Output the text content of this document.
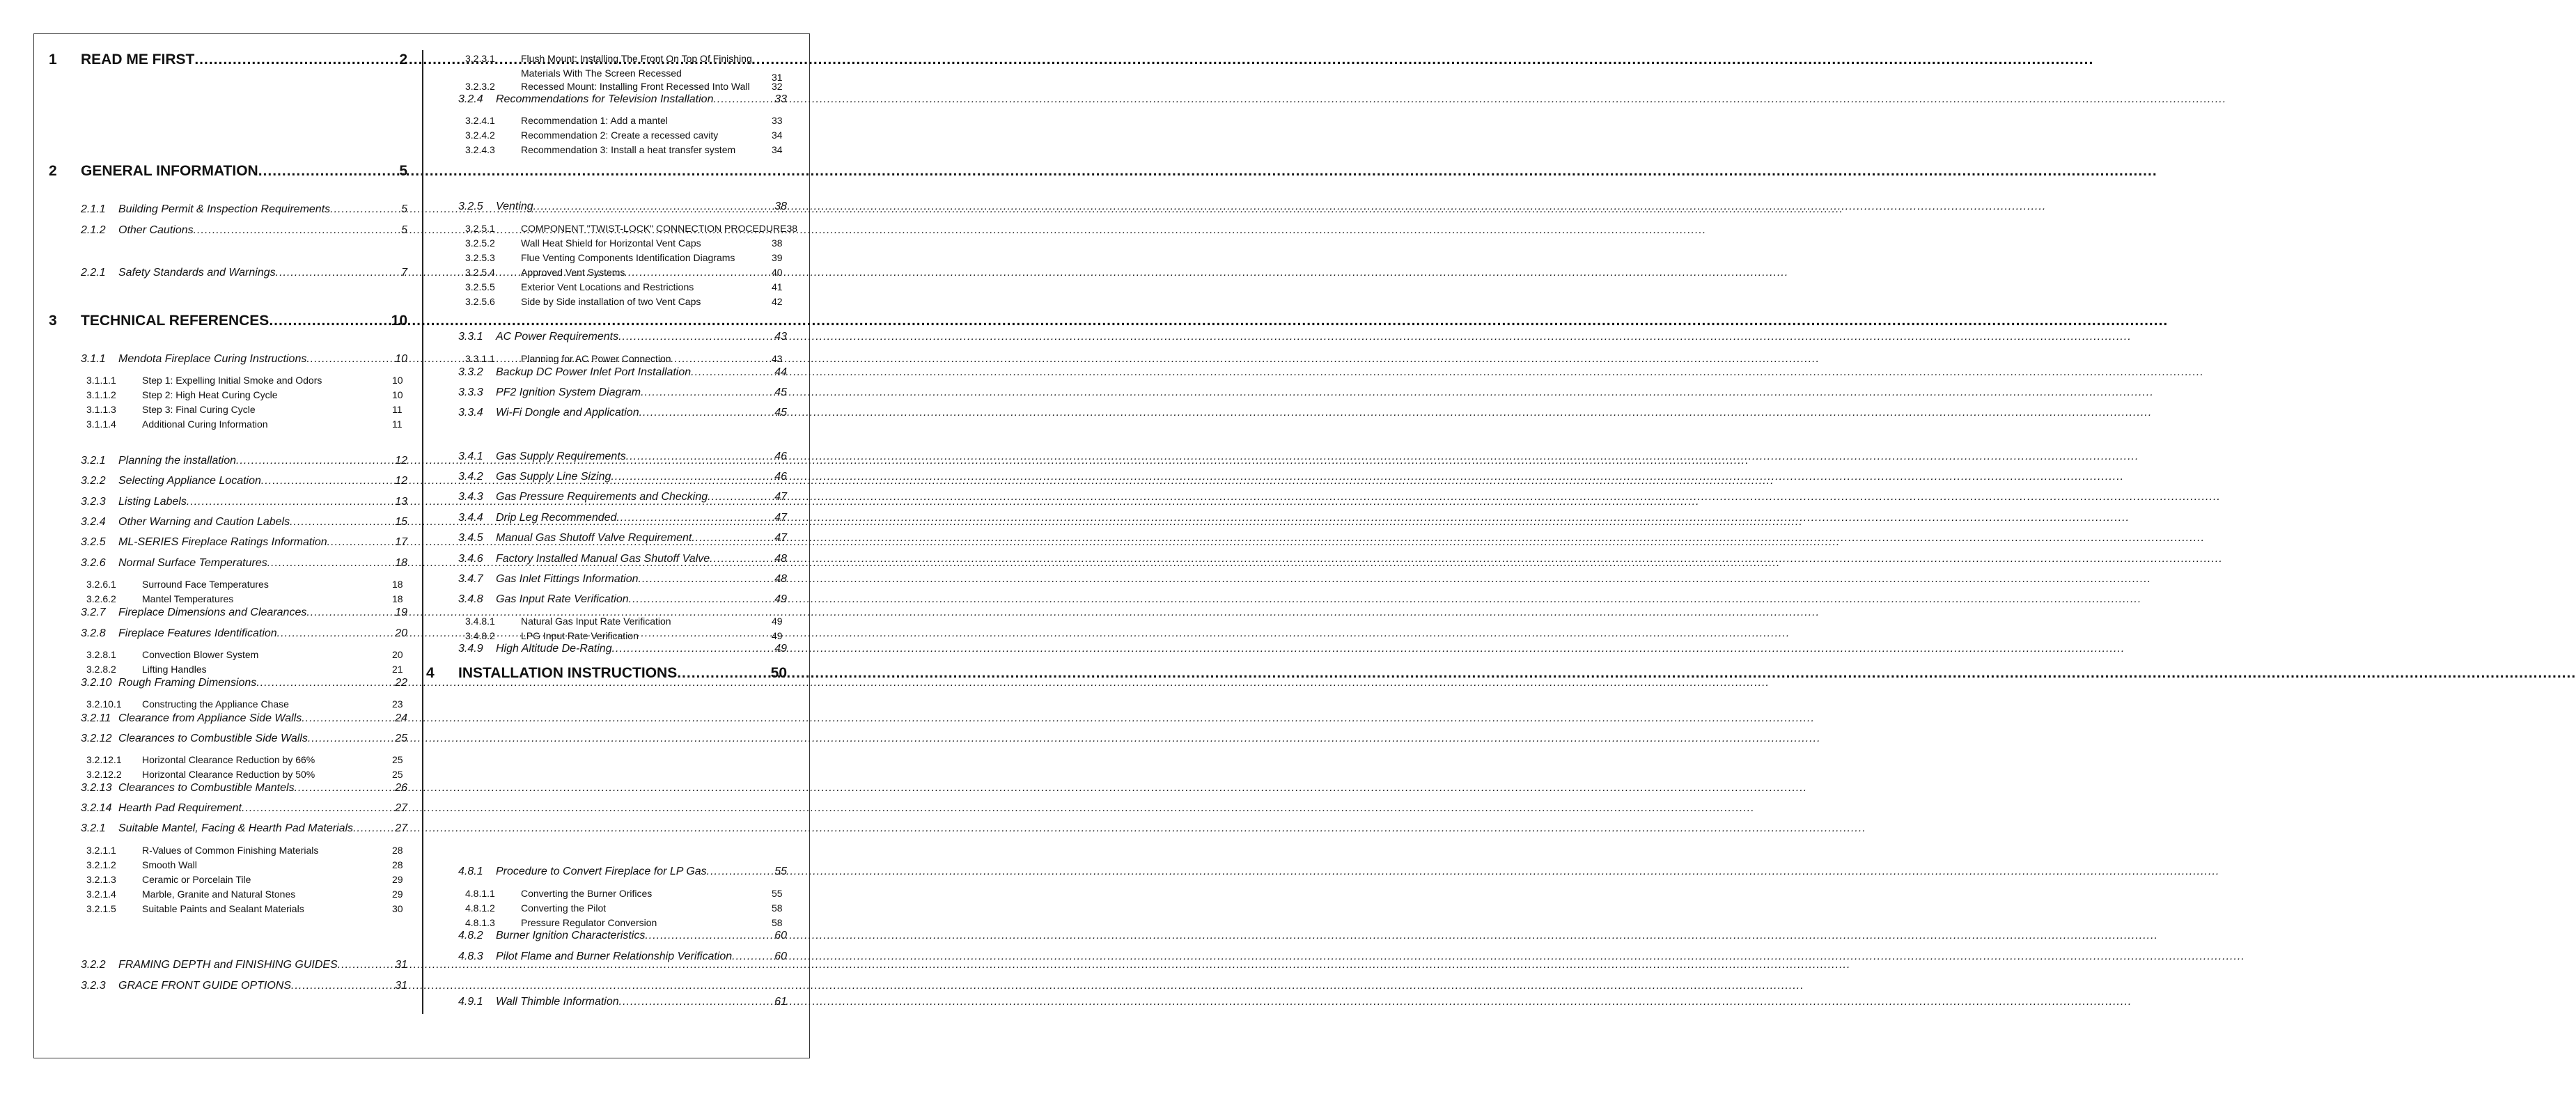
1	READ ME FIRST .....	2
2	GENERAL INFORMATION .....	5
2.1.1	Building Permit & Inspection Requirements .....	5
2.1.2	Other Cautions .....	5
2.2.1	Safety Standards and Warnings .....	7
3	TECHNICAL REFERENCES .....	10
3.1.1	Mendota Fireplace Curing Instructions .....	10
3.1.1.1	Step 1: Expelling Initial Smoke and Odors	10
3.1.1.2	Step 2: High Heat Curing Cycle	10
3.1.1.3	Step 3: Final Curing Cycle	11
3.1.1.4	Additional Curing Information	11
3.2.1	Planning the installation .....	12
3.2.2	Selecting Appliance Location .....	12
3.2.3	Listing Labels .....	13
3.2.4	Other Warning and Caution Labels .....	15
3.2.5	ML-SERIES Fireplace Ratings Information .....	17
3.2.6	Normal Surface Temperatures .....	18
3.2.6.1	Surround Face Temperatures	18
3.2.6.2	Mantel Temperatures	18
3.2.7	Fireplace Dimensions and Clearances .....	19
3.2.8	Fireplace Features Identification .....	20
3.2.8.1	Convection Blower System	20
3.2.8.2	Lifting Handles	21
3.2.10 Rough Framing Dimensions .....	22
3.2.10.1	Constructing the Appliance Chase	23
3.2.11 Clearance from Appliance Side Walls .....	24
3.2.12 Clearances to Combustible Side Walls .....	25
3.2.12.1	Horizontal Clearance Reduction by 66%	25
3.2.12.2	Horizontal Clearance Reduction by 50%	25
3.2.13 Clearances to Combustible Mantels .....	26
3.2.14 Hearth Pad Requirement .....	27
3.2.1	Suitable Mantel, Facing & Hearth Pad Materials .....	27
3.2.1.1	R-Values of Common Finishing Materials	28
3.2.1.2	Smooth Wall	28
3.2.1.3	Ceramic or Porcelain Tile	29
3.2.1.4	Marble, Granite and Natural Stones	29
3.2.1.5	Suitable Paints and Sealant Materials	30
3.2.2	FRAMING DEPTH and FINISHING GUIDES .....	31
3.2.3	GRACE FRONT GUIDE OPTIONS .....	31
3.2.3.1	Flush Mount: Installing The Front On Top Of Finishing
Materials With The Screen Recessed	31
3.2.3.2	Recessed Mount: Installing Front Recessed Into Wall 32
3.2.4	Recommendations for Television Installation .....	33
3.2.4.1	Recommendation 1: Add a mantel	33
3.2.4.2	Recommendation 2: Create a recessed cavity	34
3.2.4.3	Recommendation 3: Install a heat transfer system	34
3.2.5	Venting .....	38
3.2.5.1	COMPONENT "TWIST-LOCK" CONNECTION PROCEDURE 38
3.2.5.2	Wall Heat Shield for Horizontal Vent Caps	38
3.2.5.3	Flue Venting Components Identification Diagrams	39
3.2.5.4	Approved Vent Systems	40
3.2.5.5	Exterior Vent Locations and Restrictions	41
3.2.5.6	Side by Side installation of two Vent Caps	42
3.3.1	AC Power Requirements .....	43
3.3.1.1	Planning for AC Power Connection	43
3.3.2	Backup DC Power Inlet Port Installation .....	44
3.3.3	PF2 Ignition System Diagram .....	45
3.3.4	Wi-Fi Dongle and Application .....	45
3.4.1	Gas Supply Requirements .....	46
3.4.2	Gas Supply Line Sizing .....	46
3.4.3	Gas Pressure Requirements and Checking .....	47
3.4.4	Drip Leg Recommended .....	47
3.4.5	Manual Gas Shutoff Valve Requirement .....	47
3.4.6	Factory Installed Manual Gas Shutoff Valve .....	48
3.4.7	Gas Inlet Fittings Information .....	48
3.4.8	Gas Input Rate Verification .....	49
3.4.8.1	Natural Gas Input Rate Verification	49
3.4.8.2	LPG Input Rate Verification	49
3.4.9	High Altitude De-Rating .....	49
4	INSTALLATION INSTRUCTIONS .....	50
4.8.1	Procedure to Convert Fireplace for LP Gas .....	55
4.8.1.1	Converting the Burner Orifices	55
4.8.1.2	Converting the Pilot	58
4.8.1.3	Pressure Regulator Conversion	58
4.8.2	Burner Ignition Characteristics .....	60
4.8.3	Pilot Flame and Burner Relationship Verification .....	60
4.9.1	Wall Thimble Information .....	61
